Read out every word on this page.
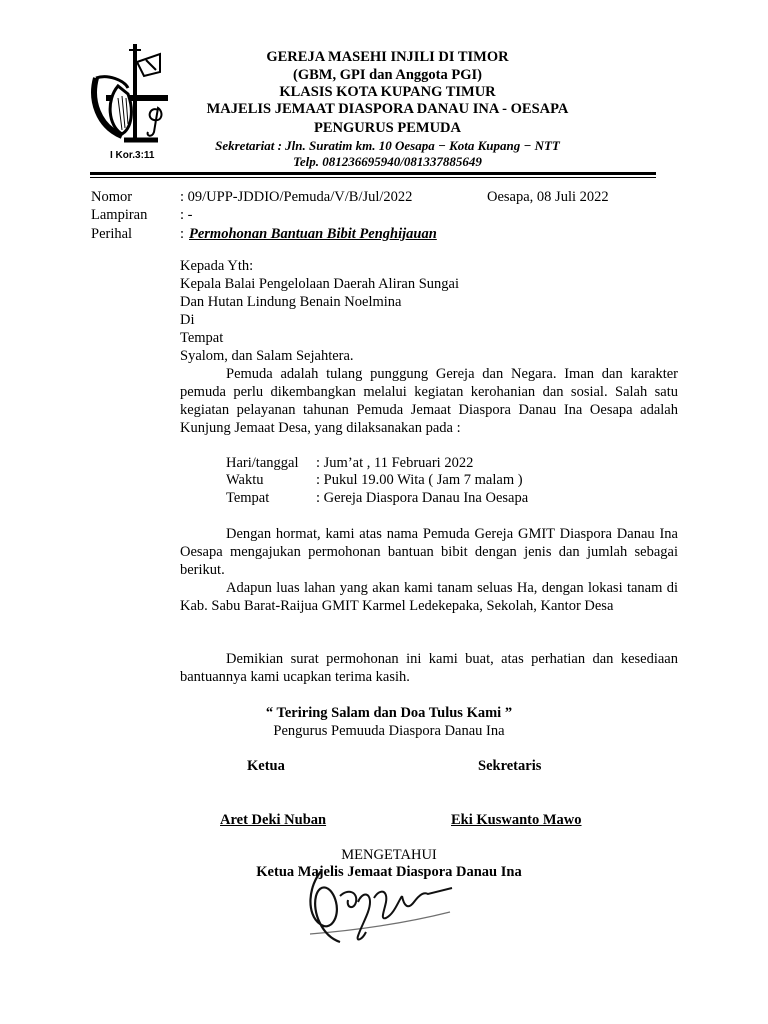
I Kor.3:11
GEREJA MASEHI INJILI DI TIMOR
(GBM, GPI dan Anggota PGI)
KLASIS KOTA KUPANG TIMUR
MAJELIS JEMAAT DIASPORA DANAU INA - OESAPA
PENGURUS PEMUDA
Sekretariat : Jln. Suratim km. 10 Oesapa − Kota Kupang − NTT
Telp. 081236695940/081337885649
Nomor	: 09/UPP-JDDIO/Pemuda/V/B/Jul/2022	Oesapa, 08 Juli 2022
Lampiran : -
Perihal	: Permohonan Bantuan Bibit Penghijauan
Kepada Yth:
Kepala Balai Pengelolaan Daerah Aliran Sungai
Dan Hutan Lindung Benain Noelmina
Di
Tempat
Syalom, dan Salam Sejahtera.
Pemuda adalah tulang punggung Gereja dan Negara. Iman dan karakter pemuda perlu dikembangkan melalui kegiatan kerohanian dan sosial. Salah satu kegiatan pelayanan tahunan Pemuda Jemaat Diaspora Danau Ina Oesapa adalah Kunjung Jemaat Desa, yang dilaksanakan pada :
Hari/tanggal : Jum’at , 11 Februari 2022
Waktu	: Pukul 19.00 Wita ( Jam 7 malam )
Tempat	: Gereja Diaspora Danau Ina Oesapa
Dengan hormat, kami atas nama Pemuda Gereja GMIT Diaspora Danau Ina Oesapa mengajukan permohonan bantuan bibit dengan jenis dan jumlah sebagai berikut.
Adapun luas lahan yang akan kami tanam seluas Ha, dengan lokasi tanam di Kab. Sabu Barat-Raijua GMIT Karmel Ledekepaka, Sekolah, Kantor Desa
Demikian surat permohonan ini kami buat, atas perhatian dan kesediaan bantuannya kami ucapkan terima kasih.
“ Teriring Salam dan Doa Tulus Kami ”
Pengurus Pemuuda Diaspora Danau Ina
Ketua	Sekretaris
Aret Deki Nuban	Eki Kuswanto Mawo
MENGETAHUI
Ketua Majelis Jemaat Diaspora Danau Ina
